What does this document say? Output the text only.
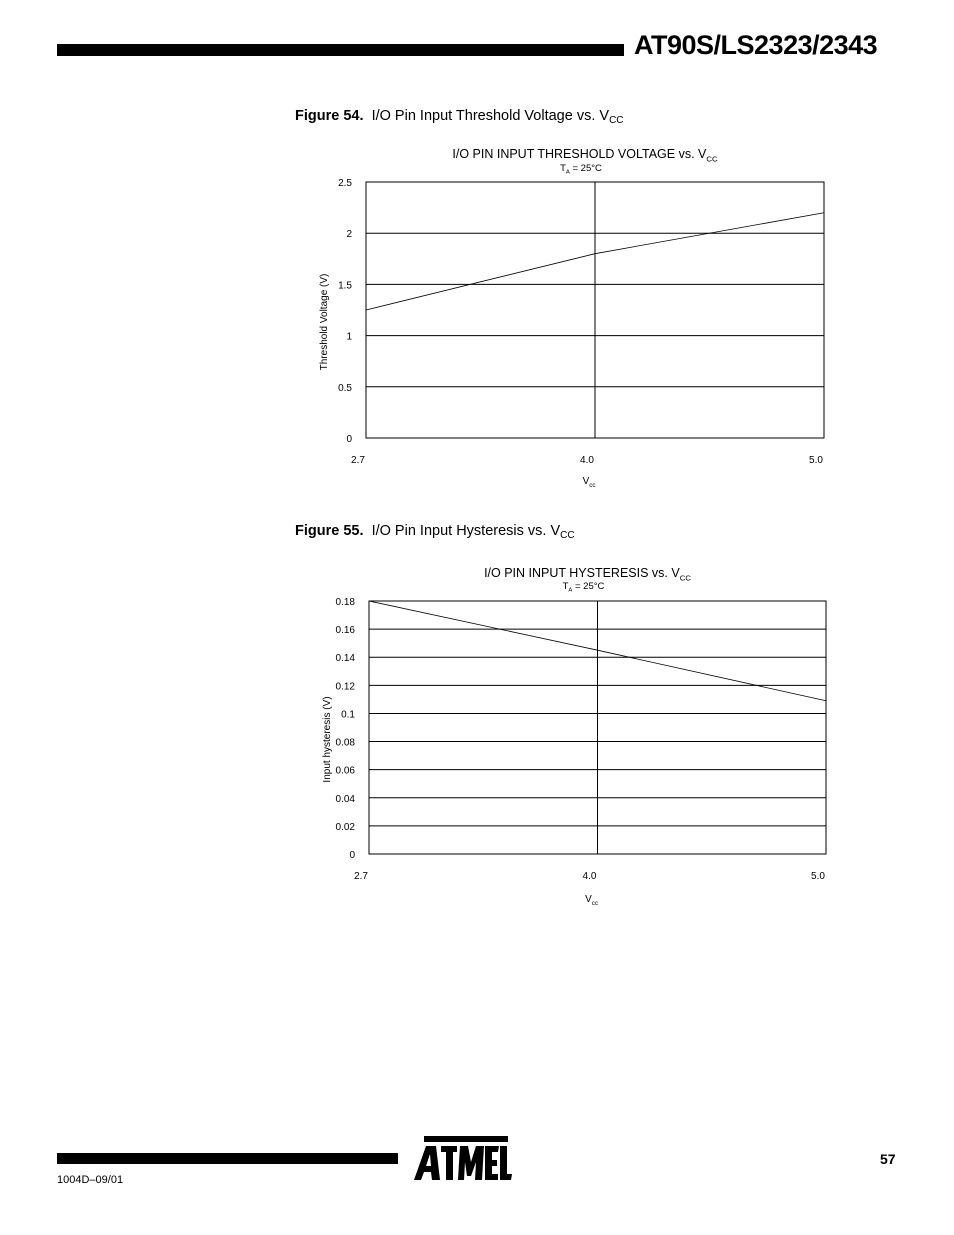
AT90S/LS2323/2343
Figure 54. I/O Pin Input Threshold Voltage vs. $V_{CC}$
I/O PIN INPUT THRESHOLD VOLTAGE vs. $V_{CC}$
$T_A = 25^\circ C$
0
0.5
1
1.5
2
2.5
2.7	4.0	5.0
$V_{cc}$
Threshold Voltage (V)
Figure 55. I/O Pin Input Hysteresis vs. $V_{CC}$
I/O PIN INPUT HYSTERESIS vs. $V_{CC}$
$T_A = 25^\circ C$
0
0.02
0.04
0.06
0.08
0.1
0.12
0.14
0.16
0.18
2.7	4.0	5.0
$V_{cc}$
Input hysteresis (V)
57
1004D–09/01
